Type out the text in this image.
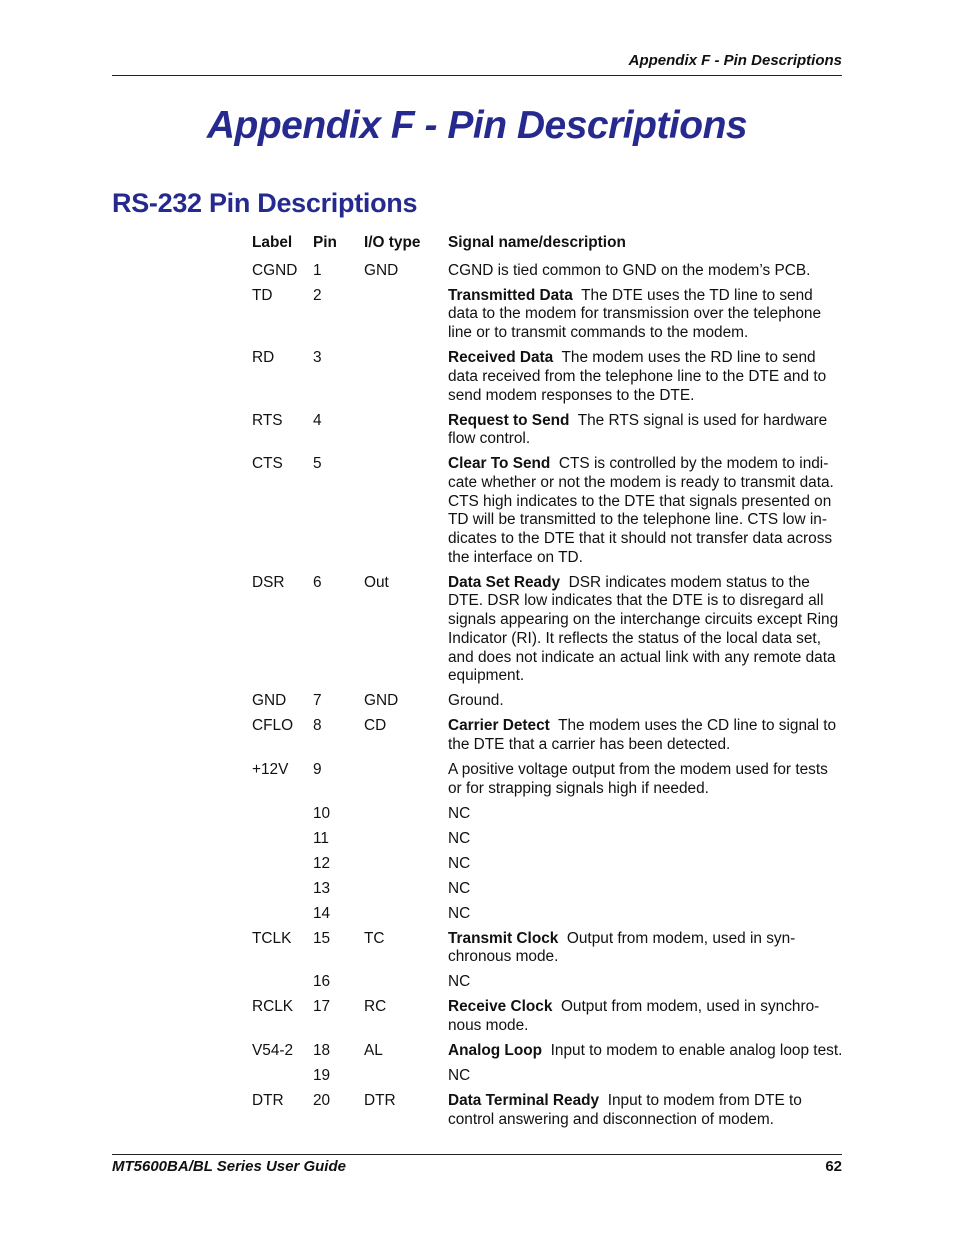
Appendix F - Pin Descriptions
Appendix F - Pin Descriptions
RS-232 Pin Descriptions
Label	Pin	I/O type	Signal name/description
CGND	1	GND	CGND is tied common to GND on the modem’s PCB.
TD	2		Transmitted Data The DTE uses the TD line to send data to the modem for transmission over the telephone line or to transmit commands to the modem.
RD	3		Received Data The modem uses the RD line to send data received from the telephone line to the DTE and to send modem responses to the DTE.
RTS	4		Request to Send The RTS signal is used for hardware flow control.
CTS	5		Clear To Send CTS is controlled by the modem to indi-cate whether or not the modem is ready to transmit data. CTS high indicates to the DTE that signals presented on TD will be transmitted to the telephone line. CTS low in-dicates to the DTE that it should not transfer data across the interface on TD.
DSR	6	Out	Data Set Ready DSR indicates modem status to the DTE. DSR low indicates that the DTE is to disregard all signals appearing on the interchange circuits except Ring Indicator (RI). It reflects the status of the local data set, and does not indicate an actual link with any remote data equipment.
GND	7	GND	Ground.
CFLO	8	CD	Carrier Detect The modem uses the CD line to signal to the DTE that a carrier has been detected.
+12V	9		A positive voltage output from the modem used for tests or for strapping signals high if needed.
	10		NC
	11		NC
	12		NC
	13		NC
	14		NC
TCLK	15	TC	Transmit Clock Output from modem, used in syn-chronous mode.
	16		NC
RCLK	17	RC	Receive Clock Output from modem, used in synchro-nous mode.
V54-2	18	AL	Analog Loop Input to modem to enable analog loop test.
	19		NC
DTR	20	DTR	Data Terminal Ready Input to modem from DTE to control answering and disconnection of modem.
MT5600BA/BL Series User Guide	62
